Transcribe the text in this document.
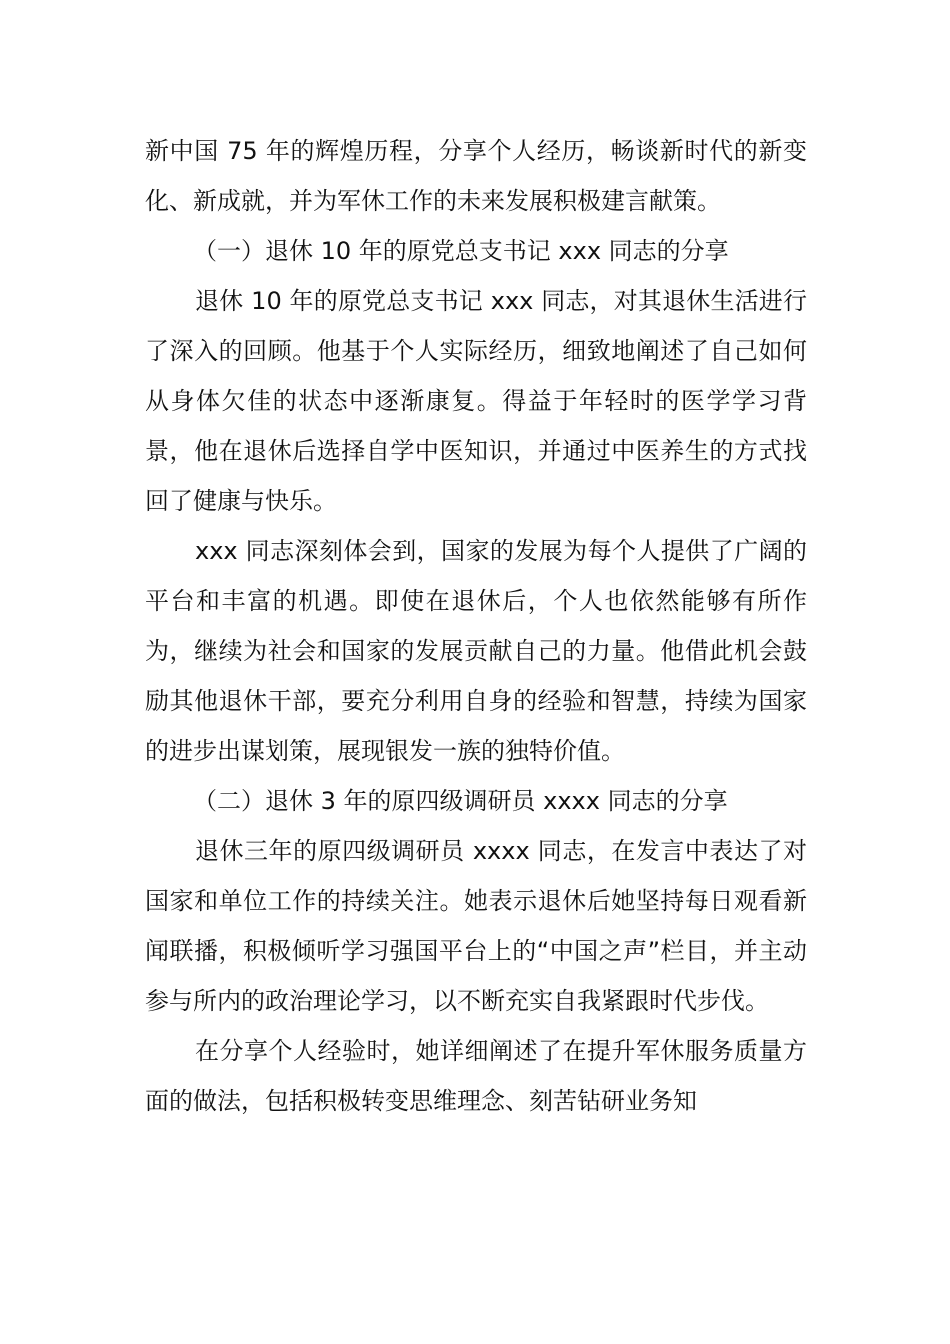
新中国 75 年的辉煌历程，分享个人经历，畅谈新时代的新变化、新成就，并为军休工作的未来发展积极建言献策。

（一）退休 10 年的原党总支书记 xxx 同志的分享

退休 10 年的原党总支书记 xxx 同志，对其退休生活进行了深入的回顾。他基于个人实际经历，细致地阐述了自己如何从身体欠佳的状态中逐渐康复。得益于年轻时的医学学习背景，他在退休后选择自学中医知识，并通过中医养生的方式找回了健康与快乐。

xxx 同志深刻体会到，国家的发展为每个人提供了广阔的平台和丰富的机遇。即使在退休后，个人也依然能够有所作为，继续为社会和国家的发展贡献自己的力量。他借此机会鼓励其他退休干部，要充分利用自身的经验和智慧，持续为国家的进步出谋划策，展现银发一族的独特价值。

（二）退休 3 年的原四级调研员 xxxx 同志的分享

退休三年的原四级调研员 xxxx 同志，在发言中表达了对国家和单位工作的持续关注。她表示退休后她坚持每日观看新闻联播，积极倾听学习强国平台上的“中国之声”栏目，并主动参与所内的政治理论学习，以不断充实自我紧跟时代步伐。

在分享个人经验时，她详细阐述了在提升军休服务质量方面的做法，包括积极转变思维理念、刻苦钻研业务知
